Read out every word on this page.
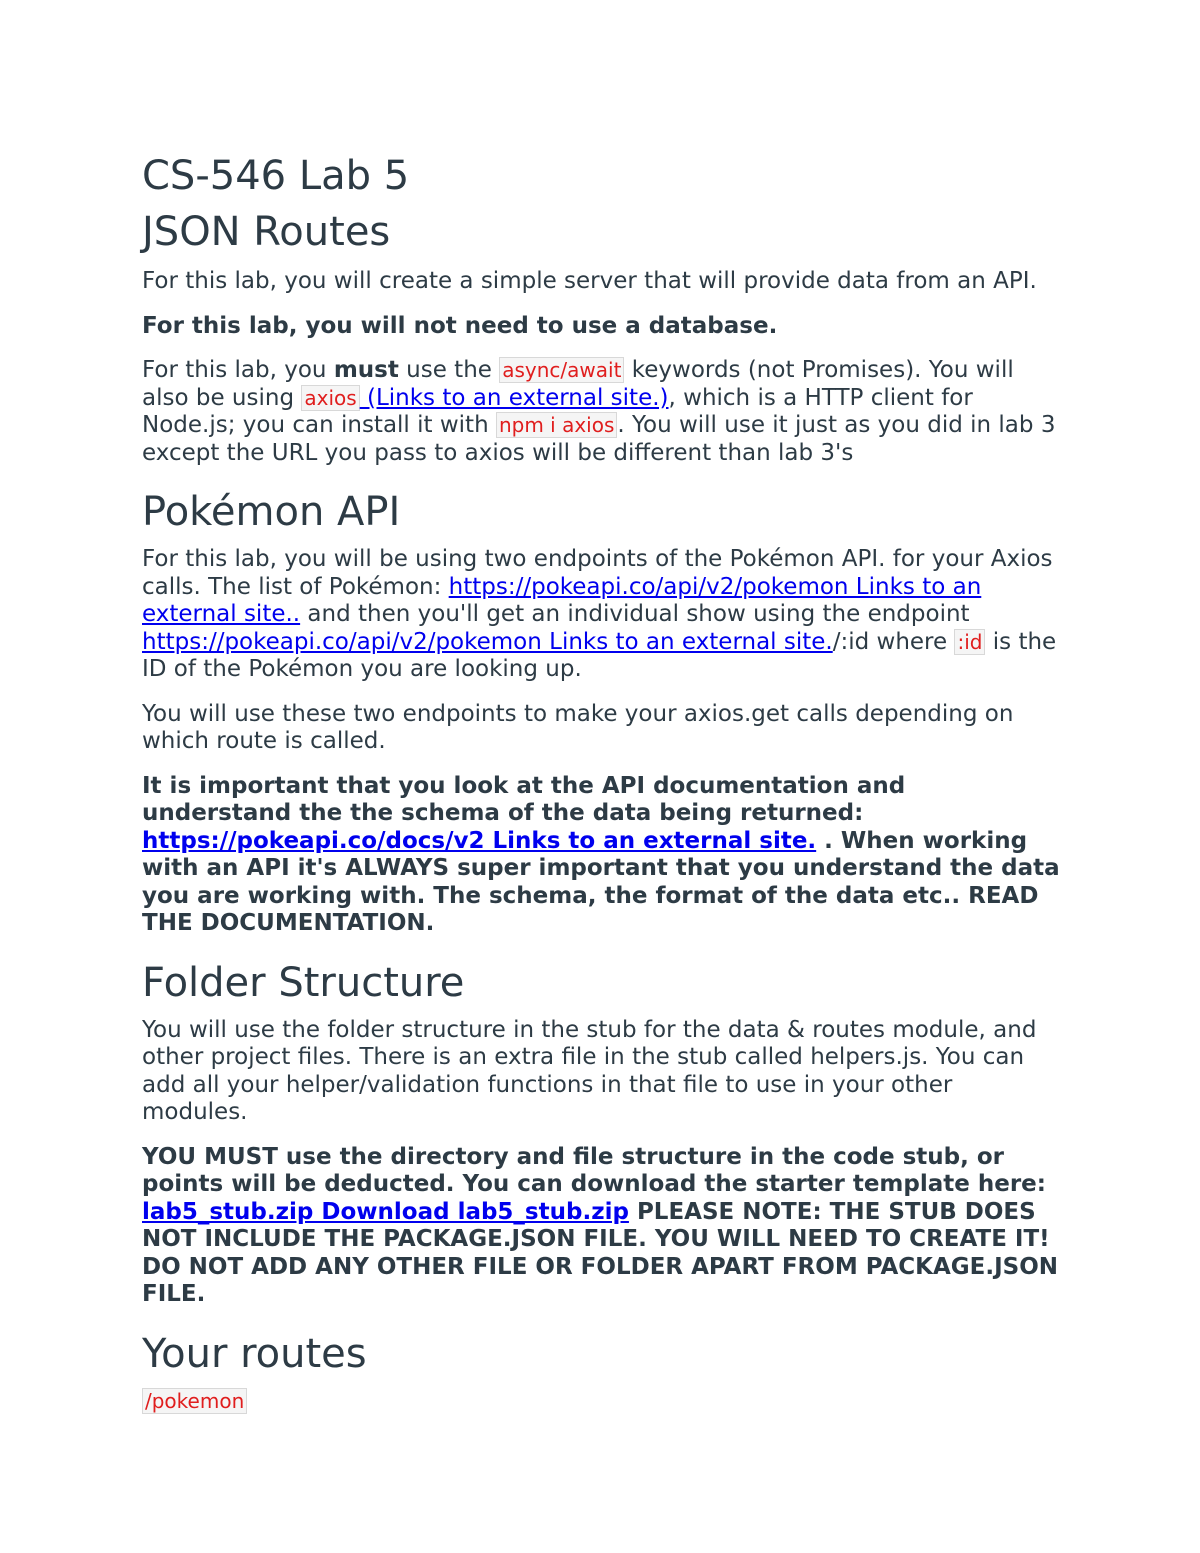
CS-546 Lab 5
JSON Routes

For this lab, you will create a simple server that will provide data from an API.

For this lab, you will not need to use a database.

For this lab, you must use the async/await keywords (not Promises). You will also be using axios (Links to an external site.), which is a HTTP client for Node.js; you can install it with npm i axios . You will use it just as you did in lab 3 except the URL you pass to axios will be different than lab 3's

Pokémon API

For this lab, you will be using two endpoints of the Pokémon API. for your Axios calls. The list of Pokémon: https://pokeapi.co/api/v2/pokemon Links to an external site.. and then you'll get an individual show using the endpoint https://pokeapi.co/api/v2/pokemon Links to an external site./:id where :id is the ID of the Pokémon you are looking up.

You will use these two endpoints to make your axios.get calls depending on which route is called.

It is important that you look at the API documentation and understand the the schema of the data being returned: https://pokeapi.co/docs/v2 Links to an external site. . When working with an API it's ALWAYS super important that you understand the data you are working with. The schema, the format of the data etc.. READ THE DOCUMENTATION.

Folder Structure

You will use the folder structure in the stub for the data & routes module, and other project files. There is an extra file in the stub called helpers.js. You can add all your helper/validation functions in that file to use in your other modules.

YOU MUST use the directory and file structure in the code stub, or points will be deducted. You can download the starter template here: lab5_stub.zip Download lab5_stub.zip PLEASE NOTE: THE STUB DOES NOT INCLUDE THE PACKAGE.JSON FILE. YOU WILL NEED TO CREATE IT! DO NOT ADD ANY OTHER FILE OR FOLDER APART FROM PACKAGE.JSON FILE.

Your routes

/pokemon
